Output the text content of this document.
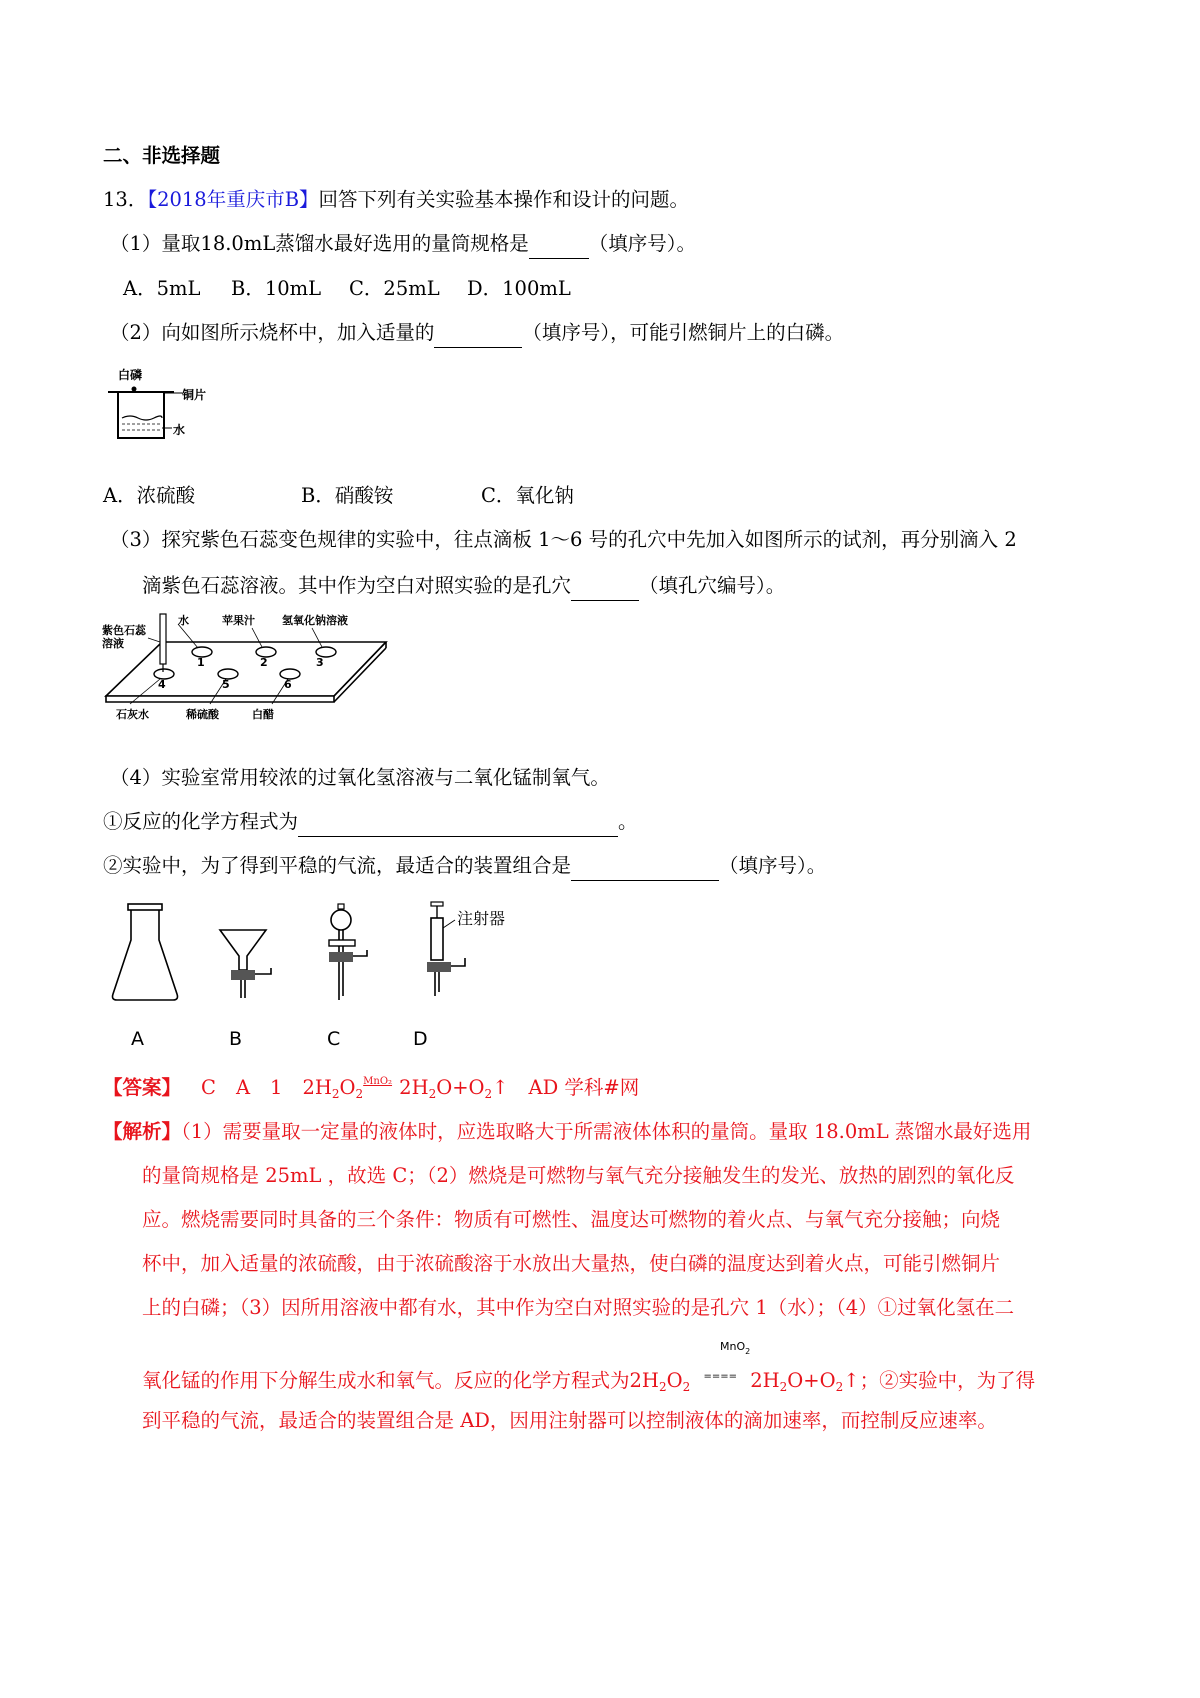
二、非选择题
13．【2018年重庆市B】回答下列有关实验基本操作和设计的问题。
（1）量取18.0mL蒸馏水最好选用的量筒规格是	（填序号）。
A．5mL B．10mL C．25mL D．100mL
（2）向如图所示烧杯中，加入适量的	（填序号），可能引燃铜片上的白磷。
白磷
铜片
水
A．浓硫酸	B．硝酸铵	C．氧化钠
（3）探究紫色石蕊变色规律的实验中，往点滴板 1～6 号的孔穴中先加入如图所示的试剂，再分别滴入 2
滴紫色石蕊溶液。其中作为空白对照实验的是孔穴	（填孔穴编号）。
紫色石蕊溶液
水	苹果汁 氢氧化钠溶液
1	2	3
4	5	6
石灰水	稀硫酸	白醋
（4）实验室常用较浓的过氧化氢溶液与二氧化锰制氧气。
①反应的化学方程式为	。
②实验中，为了得到平稳的气流，最适合的装置组合是	（填序号）。
A	B	C	D
注射器
【答案】 C A 1 $2H_2O_2$
MnO₂ $2H_2O+O_2↑$ AD 学科#网
【解析】（1）需要量取一定量的液体时，应选取略大于所需液体体积的量筒。量取 18.0mL 蒸馏水最好选用
的量筒规格是 25mL ，故选 C；（2）燃烧是可燃物与氧气充分接触发生的发光、放热的剧烈的氧化反
应。燃烧需要同时具备的三个条件：物质有可燃性、温度达可燃物的着火点、与氧气充分接触；向烧
杯中，加入适量的浓硫酸，由于浓硫酸溶于水放出大量热，使白磷的温度达到着火点，可能引燃铜片
上的白磷；（3）因所用溶液中都有水，其中作为空白对照实验的是孔穴 1（水）；（4）①过氧化氢在二
MnO$_2$
氧化锰的作用下分解生成水和氧气。反应的化学方程式为$2H_2O_2====$ $2H_2O+O_2↑$；②实验中，为了得
到平稳的气流，最适合的装置组合是 AD，因用注射器可以控制液体的滴加速率，而控制反应速率。
